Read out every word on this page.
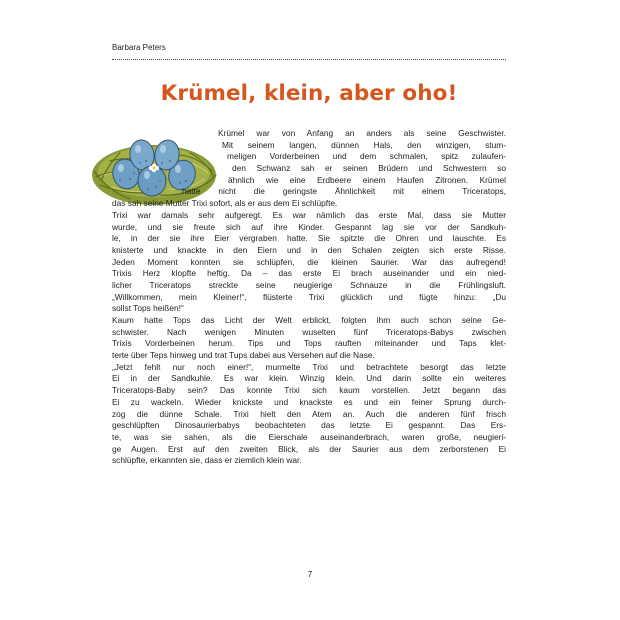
Barbara Peters
Krümel, klein, aber oho!
Krümel war von Anfang an anders als seine Geschwister.
Mit seinem langen, dünnen Hals, den winzigen, stum-
meligen Vorderbeinen und dem schmalen, spitz zulaufen-
den Schwanz sah er seinen Brüdern und Schwestern so
ähnlich wie eine Erdbeere einem Haufen Zitronen. Krümel
hatte nicht die geringste Ähnlichkeit mit einem Triceratops,
das sah seine Mutter Trixi sofort, als er aus dem Ei schlüpfte.
Trixi war damals sehr aufgeregt. Es war nämlich das erste Mal, dass sie Mutter
wurde, und sie freute sich auf ihre Kinder. Gespannt lag sie vor der Sandkuh-
le, in der sie ihre Eier vergraben hatte. Sie spitzte die Ohren und lauschte. Es
knisterte und knackte in den Eiern und in den Schalen zeigten sich erste Risse.
Jeden Moment konnten sie schlüpfen, die kleinen Saurier. War das aufregend!
Trixis Herz klopfte heftig. Da – das erste Ei brach auseinander und ein nied-
licher Triceratops streckte seine neugierige Schnauze in die Frühlingsluft.
„Willkommen, mein Kleiner!“, flüsterte Trixi glücklich und fügte hinzu: „Du
sollst Tops heißen!“
Kaum hatte Tops das Licht der Welt erblickt, folgten ihm auch schon seine Ge-
schwister. Nach wenigen Minuten wuselten fünf Triceratops-Babys zwischen
Trixis Vorderbeinen herum. Tips und Tops rauften miteinander und Taps klet-
terte über Teps hinweg und trat Tups dabei aus Versehen auf die Nase.
„Jetzt fehlt nur noch einer!“, murmelte Trixi und betrachtete besorgt das letzte
Ei in der Sandkuhle. Es war klein. Winzig klein. Und darin sollte ein weiteres
Triceratops-Baby sein? Das konnte Trixi sich kaum vorstellen. Jetzt begann das
Ei zu wackeln. Wieder knickste und knackste es und ein feiner Sprung durch-
zog die dünne Schale. Trixi hielt den Atem an. Auch die anderen fünf frisch
geschlüpften Dinosaurierbabys beobachteten das letzte Ei gespannt. Das Ers-
te, was sie sahen, als die Eierschale auseinanderbrach, waren große, neugieri-
ge Augen. Erst auf den zweiten Blick, als der Saurier aus dem zerborstenen Ei
schlüpfte, erkannten sie, dass er ziemlich klein war.
7
